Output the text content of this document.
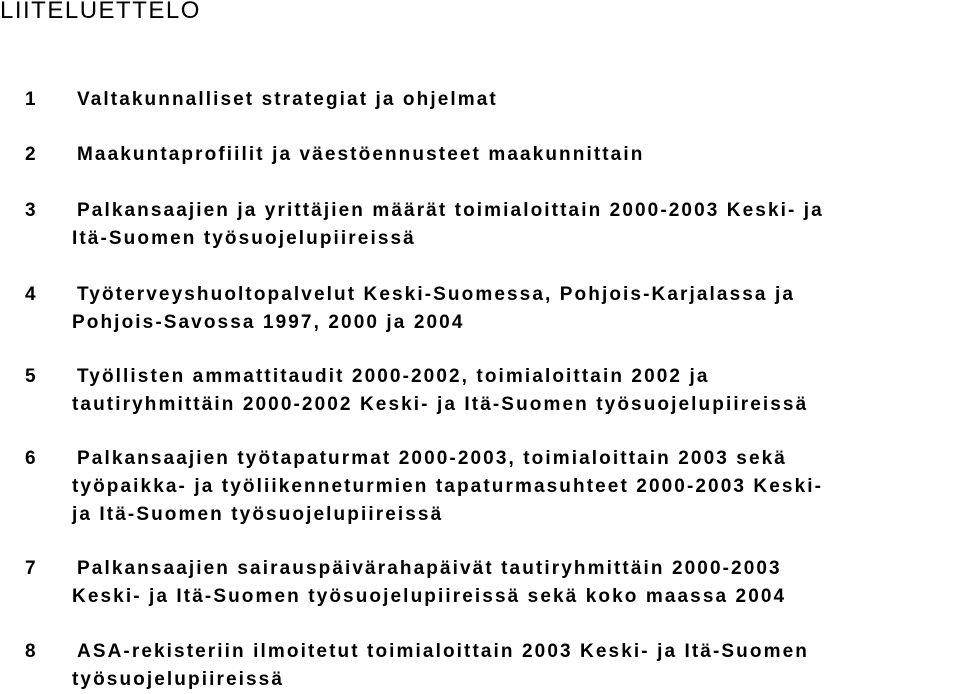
LIITELUETTELO
1 Valtakunnalliset strategiat ja ohjelmat
2 Maakuntaprofiilit ja väestöennusteet maakunnittain
3 Palkansaajien ja yrittäjien määrät toimialoittain 2000-2003 Keski- ja
Itä-Suomen työsuojelupiireissä
4 Työterveyshuoltopalvelut Keski-Suomessa, Pohjois-Karjalassa ja
Pohjois-Savossa 1997, 2000 ja 2004
5 Työllisten ammattitaudit 2000-2002, toimialoittain 2002 ja
tautiryhmittäin 2000-2002 Keski- ja Itä-Suomen työsuojelupiireissä
6 Palkansaajien työtapaturmat 2000-2003, toimialoittain 2003 sekä
työpaikka- ja työliikenneturmien tapaturmasuhteet 2000-2003 Keski-
ja Itä-Suomen työsuojelupiireissä
7 Palkansaajien sairauspäivärahapäivät tautiryhmittäin 2000-2003
Keski- ja Itä-Suomen työsuojelupiireissä sekä koko maassa 2004
8 ASA-rekisteriin ilmoitetut toimialoittain 2003 Keski- ja Itä-Suomen
työsuojelupiireissä
